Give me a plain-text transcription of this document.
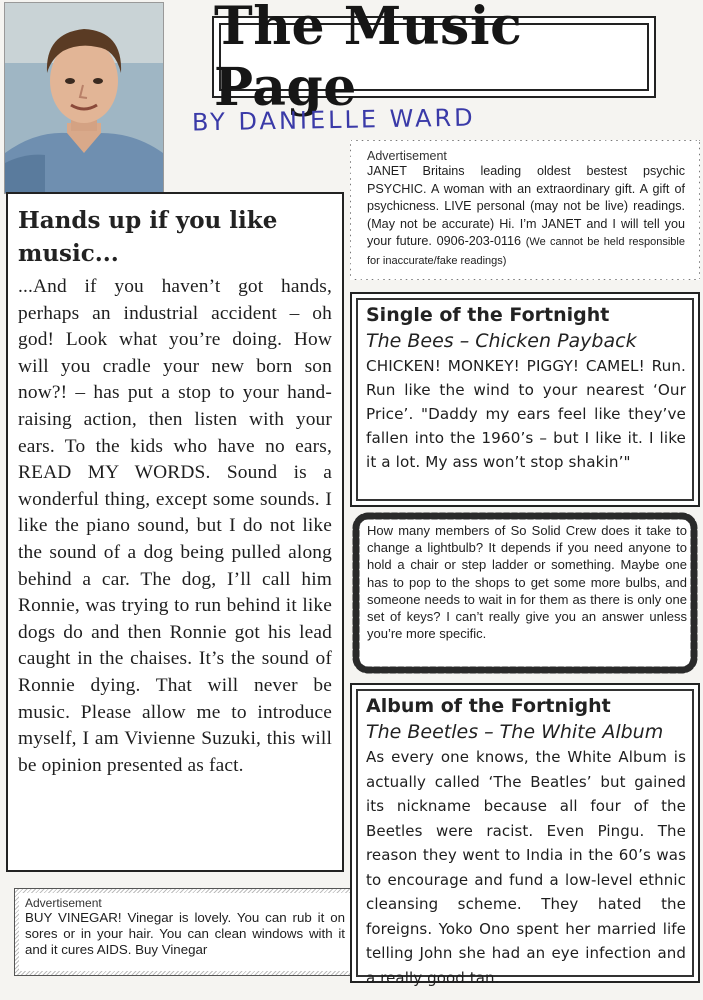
The Music Page
BY DANIELLE WARD
Hands up if you like music...

...And if you haven’t got hands, perhaps an industrial accident – oh god! Look what you’re doing. How will you cradle your new born son now?! – has put a stop to your hand-raising action, then listen with your ears. To the kids who have no ears, READ MY WORDS. Sound is a wonderful thing, except some sounds. I like the piano sound, but I do not like the sound of a dog being pulled along behind a car. The dog, I’ll call him Ronnie, was trying to run behind it like dogs do and then Ronnie got his lead caught in the chaises. It’s the sound of Ronnie dying. That will never be music. Please allow me to introduce myself, I am Vivienne Suzuki, this will be opinion presented as fact.

Advertisement
BUY VINEGAR! Vinegar is lovely. You can rub it on sores or in your hair. You can clean windows with it and it cures AIDS. Buy Vinegar
Advertisement
JANET Britains leading oldest bestest psychic PSYCHIC. A woman with an extraordinary gift. A gift of psychicness. LIVE personal (may not be live) readings. (May not be accurate) Hi. I’m JANET and I will tell you your future. 0906-203-0116 (We cannot be held responsible for inaccurate/fake readings)
Single of the Fortnight
The Bees – Chicken Payback
CHICKEN! MONKEY! PIGGY! CAMEL! Run. Run like the wind to your nearest ‘Our Price’. "Daddy my ears feel like they’ve fallen into the 1960’s – but I like it. I like it a lot. My ass won’t stop shakin’"
How many members of So Solid Crew does it take to change a lightbulb? It depends if you need anyone to hold a chair or step ladder or something. Maybe one has to pop to the shops to get some more bulbs, and someone needs to wait in for them as there is only one set of keys? I can’t really give you an answer unless you’re more specific.
Album of the Fortnight
The Beetles – The White Album
As every one knows, the White Album is actually called ‘The Beatles’ but gained its nickname because all four of the Beetles were racist. Even Pingu. The reason they went to India in the 60’s was to encourage and fund a low-level ethnic cleansing scheme. They hated the foreigns. Yoko Ono spent her married life telling John she had an eye infection and a really good tan.
